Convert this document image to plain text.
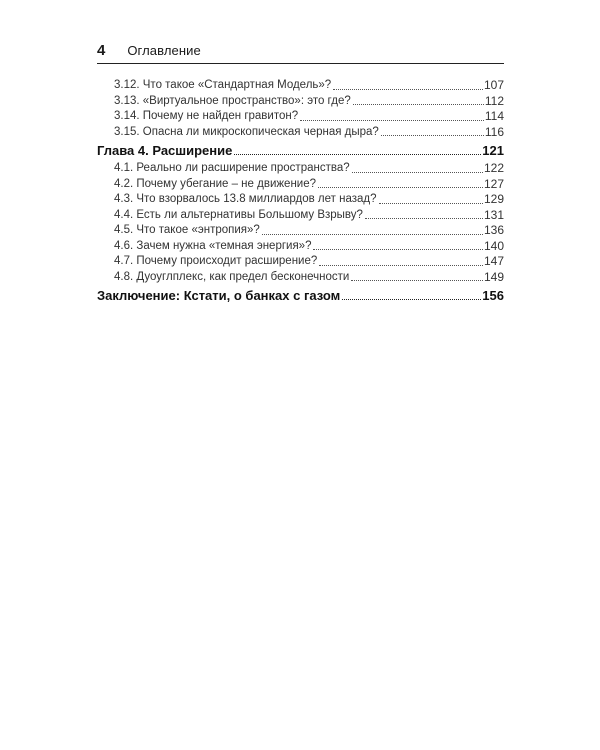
4 Оглавление
3.12. Что такое «Стандартная Модель»?	107
3.13. «Виртуальное пространство»: это где?	112
3.14. Почему не найден гравитон?	114
3.15. Опасна ли микроскопическая черная дыра?	116
Глава 4. Расширение	121
4.1. Реально ли расширение пространства?	122
4.2. Почему убегание – не движение?	127
4.3. Что взорвалось 13.8 миллиардов лет назад?	129
4.4. Есть ли альтернативы Большому Взрыву?	131
4.5. Что такое «энтропия»?	136
4.6. Зачем нужна «темная энергия»?	140
4.7. Почему происходит расширение?	147
4.8. Дуоуглплекс, как предел бесконечности	149
Заключение: Кстати, о банках с газом	156
